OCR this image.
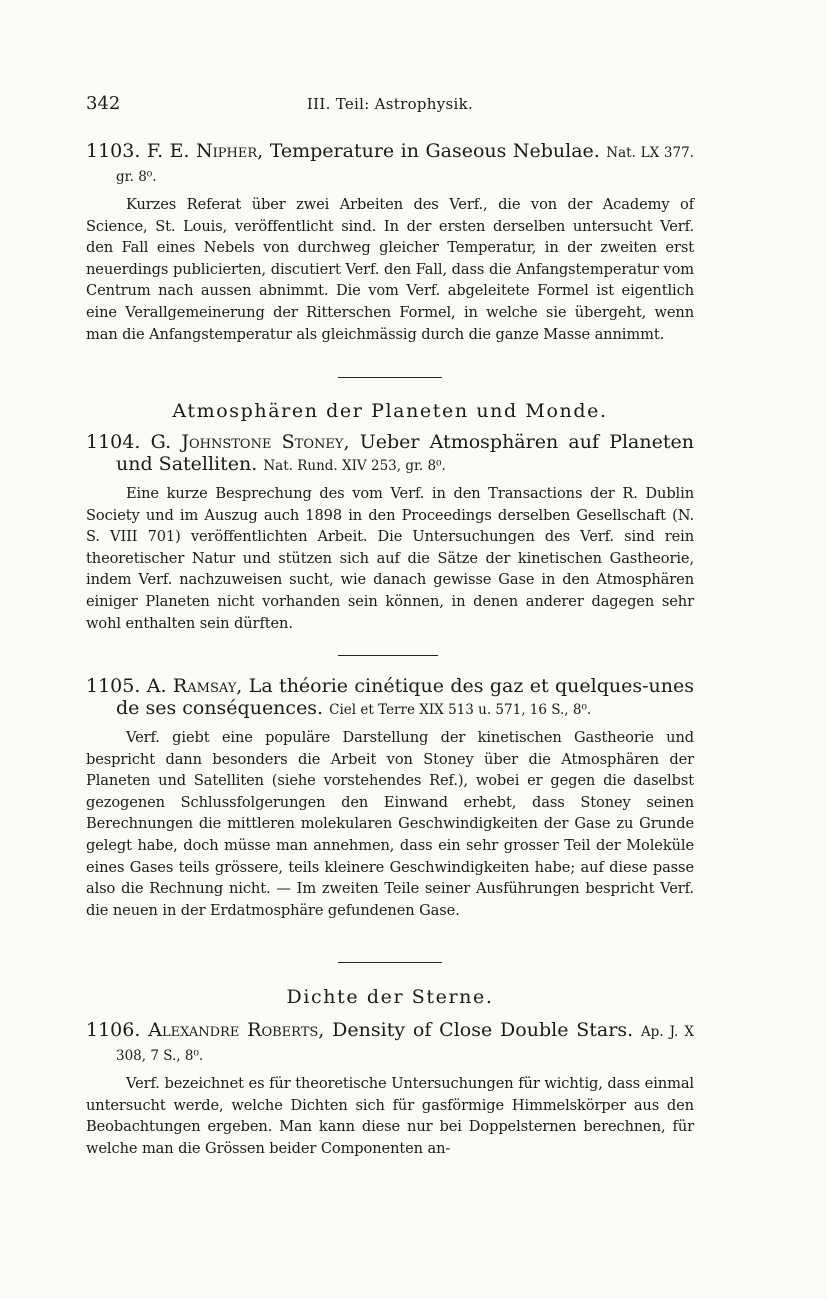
342	III. Teil: Astrophysik.

1103. F. E. Nipher, Temperature in Gaseous Nebulae. Nat. LX 377. gr. 8⁰.

Kurzes Referat über zwei Arbeiten des Verf., die von der Academy of Science, St. Louis, veröffentlicht sind. In der ersten derselben untersucht Verf. den Fall eines Nebels von durchweg gleicher Temperatur, in der zweiten erst neuerdings publicierten, discutiert Verf. den Fall, dass die Anfangstemperatur vom Centrum nach aussen abnimmt. Die vom Verf. abgeleitete Formel ist eigentlich eine Verallgemeinerung der Ritterschen Formel, in welche sie übergeht, wenn man die Anfangstemperatur als gleichmässig durch die ganze Masse annimmt.

Atmosphären der Planeten und Monde.

1104. G. Johnstone Stoney, Ueber Atmosphären auf Planeten und Satelliten. Nat. Rund. XIV 253, gr. 8⁰.

Eine kurze Besprechung des vom Verf. in den Transactions der R. Dublin Society und im Auszug auch 1898 in den Proceedings derselben Gesellschaft (N. S. VIII 701) veröffentlichten Arbeit. Die Untersuchungen des Verf. sind rein theoretischer Natur und stützen sich auf die Sätze der kinetischen Gastheorie, indem Verf. nachzuweisen sucht, wie danach gewisse Gase in den Atmosphären einiger Planeten nicht vorhanden sein können, in denen anderer dagegen sehr wohl enthalten sein dürften.

1105. A. Ramsay, La théorie cinétique des gaz et quelques-unes de ses conséquences. Ciel et Terre XIX 513 u. 571, 16 S., 8⁰.

Verf. giebt eine populäre Darstellung der kinetischen Gastheorie und bespricht dann besonders die Arbeit von Stoney über die Atmosphären der Planeten und Satelliten (siehe vorstehendes Ref.), wobei er gegen die daselbst gezogenen Schlussfolgerungen den Einwand erhebt, dass Stoney seinen Berechnungen die mittleren molekularen Geschwindigkeiten der Gase zu Grunde gelegt habe, doch müsse man annehmen, dass ein sehr grosser Teil der Moleküle eines Gases teils grössere, teils kleinere Geschwindigkeiten habe; auf diese passe also die Rechnung nicht. — Im zweiten Teile seiner Ausführungen bespricht Verf. die neuen in der Erdatmosphäre gefundenen Gase.

Dichte der Sterne.

1106. Alexandre Roberts, Density of Close Double Stars. Ap. J. X 308, 7 S., 8⁰.

Verf. bezeichnet es für theoretische Untersuchungen für wichtig, dass einmal untersucht werde, welche Dichten sich für gasförmige Himmelskörper aus den Beobachtungen ergeben. Man kann diese nur bei Doppelsternen berechnen, für welche man die Grössen beider Componenten an-
